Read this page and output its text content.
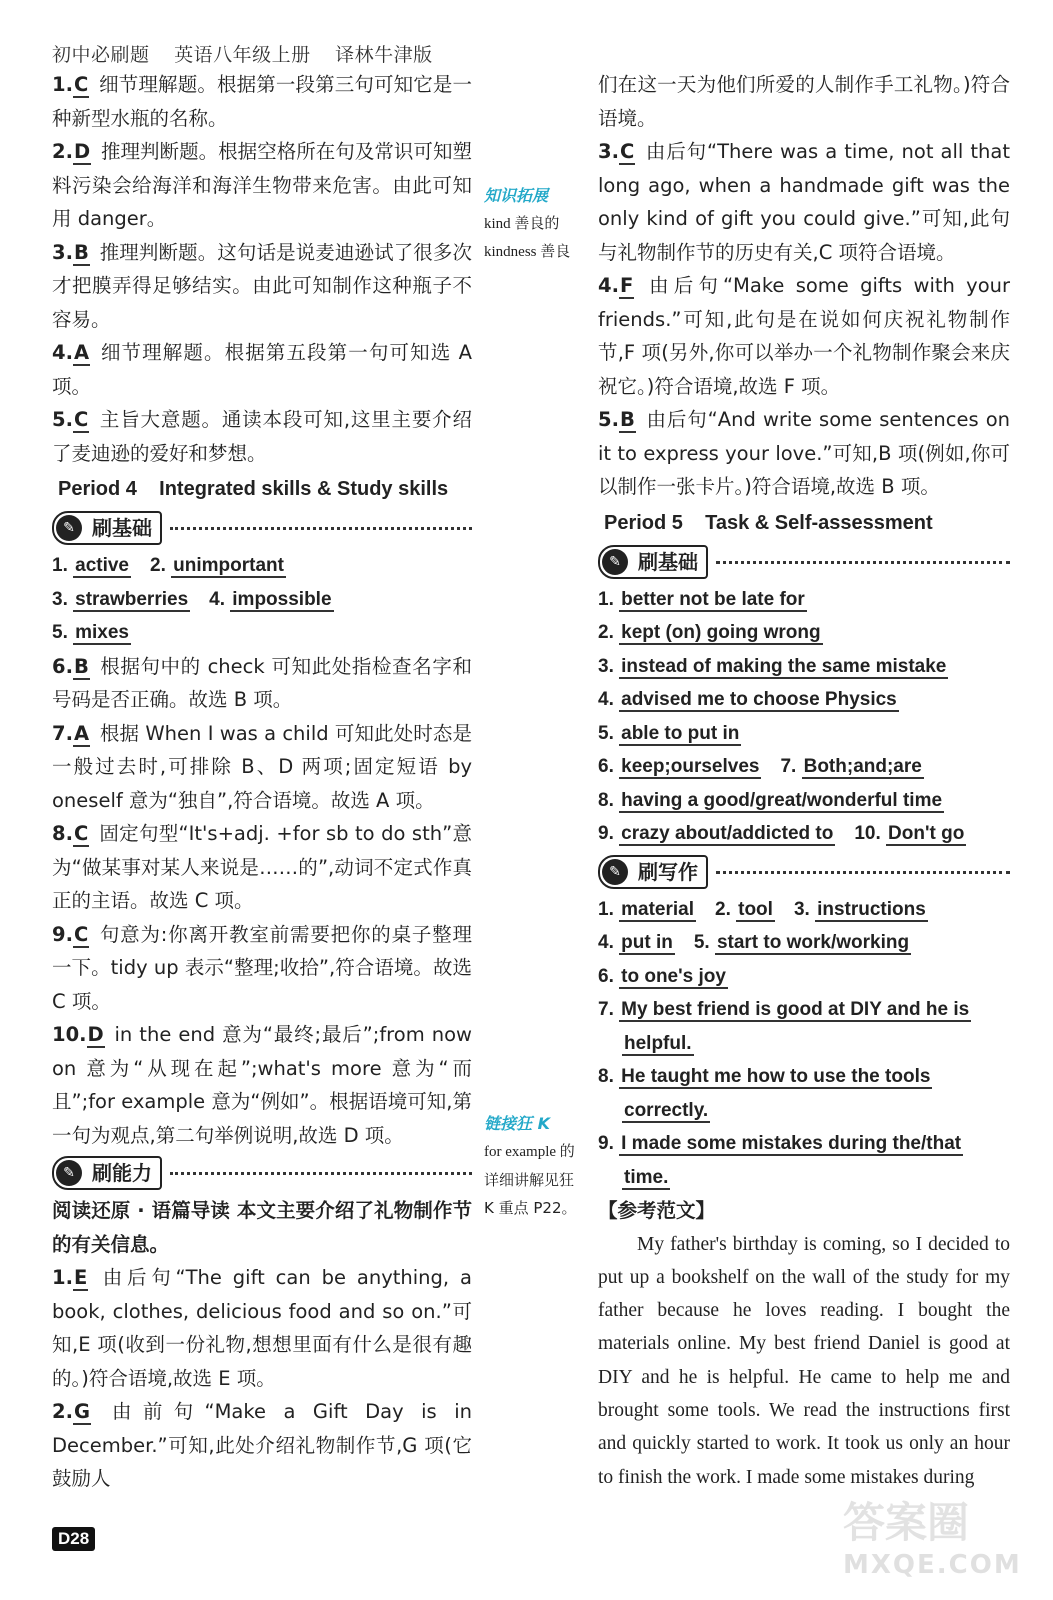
初中必刷题 英语八年级上册 译林牛津版

1.C 细节理解题。根据第一段第三句可知它是一种新型水瓶的名称。

2.D 推理判断题。根据空格所在句及常识可知塑料污染会给海洋和海洋生物带来危害。由此可知用 danger。

3.B 推理判断题。这句话是说麦迪逊试了很多次才把膜弄得足够结实。由此可知制作这种瓶子不容易。

4.A 细节理解题。根据第五段第一句可知选 A 项。

5.C 主旨大意题。通读本段可知,这里主要介绍了麦迪逊的爱好和梦想。

Period 4    Integrated skills & Study skills
✎ 刷基础

1. active 2. unimportant

3. strawberries 4. impossible

5. mixes

6.B 根据句中的 check 可知此处指检查名字和号码是否正确。故选 B 项。

7.A 根据 When I was a child 可知此处时态是一般过去时,可排除 B、D 两项;固定短语 by oneself 意为“独自”,符合语境。故选 A 项。

8.C 固定句型“It's+adj. +for sb to do sth”意为“做某事对某人来说是……的”,动词不定式作真正的主语。故选 C 项。

9.C 句意为:你离开教室前需要把你的桌子整理一下。tidy up 表示“整理;收拾”,符合语境。故选 C 项。

10.D in the end 意为“最终;最后”;from now on 意为“从现在起”;what's more 意为“而且”;for example 意为“例如”。根据语境可知,第一句为观点,第二句举例说明,故选 D 项。

✎ 刷能力

阅读还原 · 语篇导读 本文主要介绍了礼物制作节的有关信息。

1.E 由后句“The gift can be anything, a book, clothes, delicious food and so on.”可知,E 项(收到一份礼物,想想里面有什么是很有趣的。)符合语境,故选 E 项。

2.G 由前句“Make a Gift Day is in December.”可知,此处介绍礼物制作节,G 项(它鼓励人

们在这一天为他们所爱的人制作手工礼物。)符合语境。

3.C 由后句“There was a time, not all that long ago, when a handmade gift was the only kind of gift you could give.”可知,此句与礼物制作节的历史有关,C 项符合语境。

4.F 由后句“Make some gifts with your friends.”可知,此句是在说如何庆祝礼物制作节,F 项(另外,你可以举办一个礼物制作聚会来庆祝它。)符合语境,故选 F 项。

5.B 由后句“And write some sentences on it to express your love.”可知,B 项(例如,你可以制作一张卡片。)符合语境,故选 B 项。

Period 5    Task & Self-assessment
✎ 刷基础

1. better not be late for

2. kept (on) going wrong

3. instead of making the same mistake

4. advised me to choose Physics

5. able to put in

6. keep;ourselves 7. Both;and;are

8. having a good/great/wonderful time

9. crazy about/addicted to 10. Don't go

✎ 刷写作

1. material 2. tool 3. instructions

4. put in 5. start to work/working

6. to one's joy

7. My best friend is good at DIY and he is

helpful.

8. He taught me how to use the tools

correctly.

9. I made some mistakes during the/that

time.

【参考范文】

My father's birthday is coming, so I decided to put up a bookshelf on the wall of the study for my father because he loves reading. I bought the materials online. My best friend Daniel is good at DIY and he is helpful. He came to help me and brought some tools. We read the instructions first and quickly started to work. It took us only an hour to finish the work. I made some mistakes during

知识拓展
kind 善良的
kindness 善良
链接狂 K
for example 的
详细讲解见狂
K 重点 P22。
D28	答案圈
MXQE.COM
